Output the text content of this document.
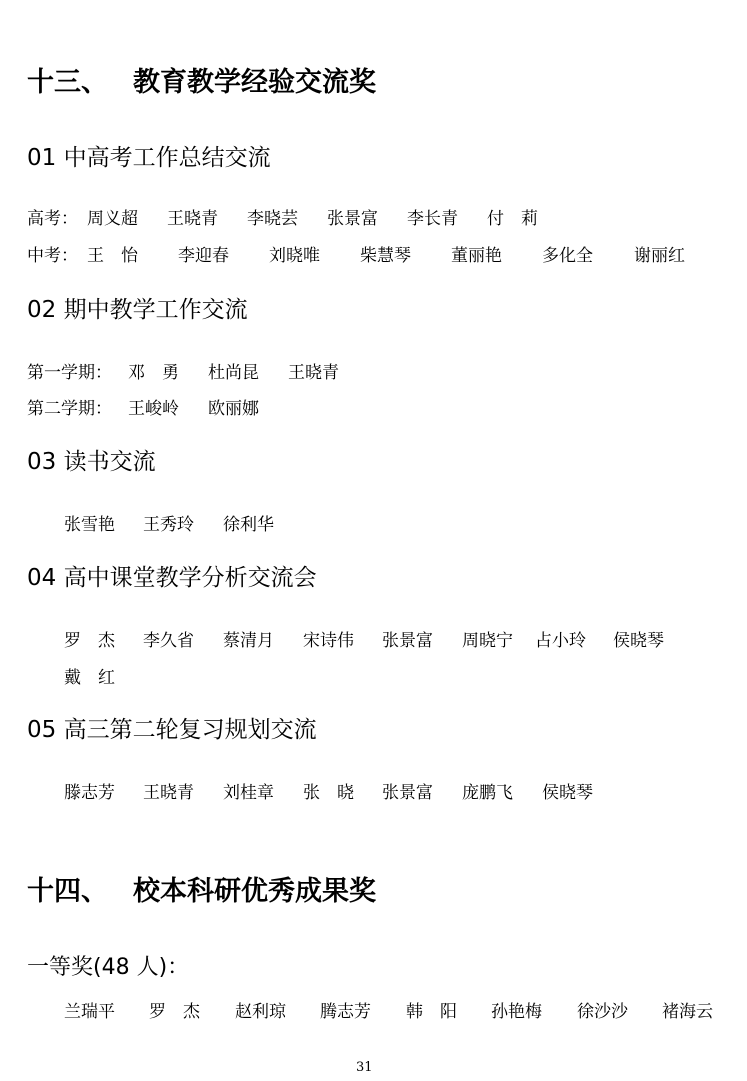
十三、 教育教学经验交流奖
01 中高考工作总结交流
高考： 周义超 王晓青 李晓芸 张景富 李长青 付　莉
中考： 王　怡 李迎春 刘晓唯 柴慧琴 董丽艳 多化全 谢丽红
02 期中教学工作交流
第一学期： 邓　勇 杜尚昆 王晓青
第二学期： 王峻岭 欧丽娜
03 读书交流
张雪艳 王秀玲 徐利华
04 高中课堂教学分析交流会
罗　杰 李久省 蔡清月 宋诗伟 张景富 周晓宁 占小玲 侯晓琴
戴　红
05 高三第二轮复习规划交流
滕志芳 王晓青 刘桂章 张　晓 张景富 庞鹏飞 侯晓琴
十四、 校本科研优秀成果奖
一等奖(48 人)：
兰瑞平 罗　杰 赵利琼 腾志芳 韩　阳 孙艳梅 徐沙沙 褚海云
31
